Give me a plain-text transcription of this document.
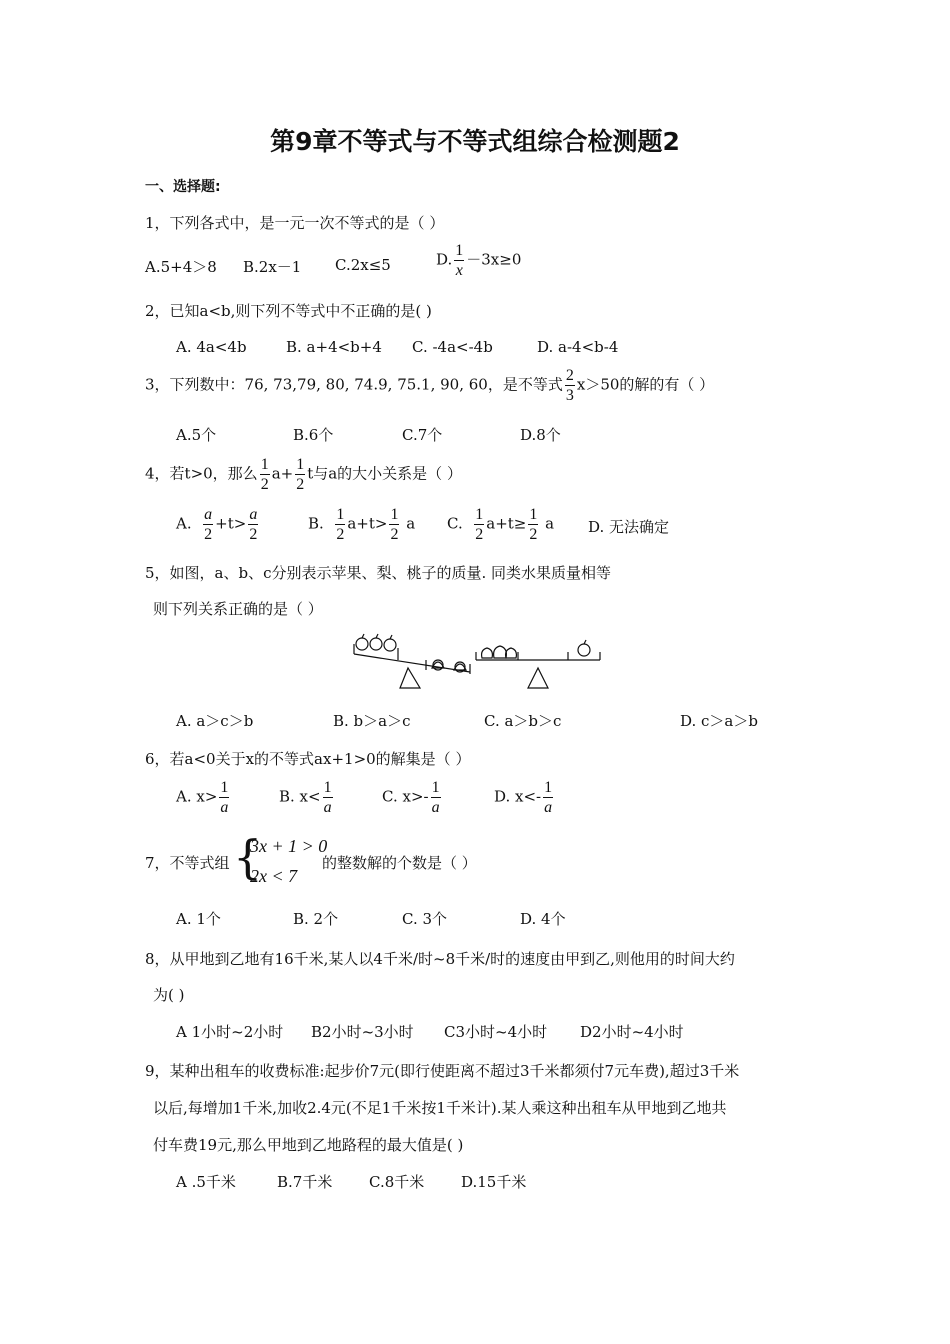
第9章不等式与不等式组综合检测题2
一、选择题:
1，下列各式中，是一元一次不等式的是（ ）
A.5+4＞8 B.2x－1 C.2x≤5	D. $\frac{1}{x} -3x\ge 0$
2，已知a<b,则下列不等式中不正确的是( )
A. 4a<4b	B. a+4<b+4 C. -4a<-4b	D. a-4<b-4
3，下列数中：76, 73,79, 80, 74.9, 75.1, 90, 60，是不等式 $\frac{2}{3} x>50$的解的有（ ）
A.5个	B.6个	C.7个	D.8个
4，若t>0，那么 $\frac{1}{2} a+ \frac{1}{2}$ t与a的大小关系是（ ）
A. $\frac{a}{2} +t> \frac{a}{2}$	B. $\frac{1}{2} a+t> \frac{1}{2}$ a C. $\frac{1}{2} a+t\ge \frac{1}{2}$ a D. 无法确定
5，如图，a、b、c分别表示苹果、梨、桃子的质量. 同类水果质量相等
则下列关系正确的是（ ）
A. a＞c＞b	B. b＞a＞c	C. a＞b＞c	D. c＞a＞b
6，若a<0关于x的不等式ax+1>0的解集是（ ）
A. $x> \frac{1}{a}$	B. $x< \frac{1}{a}$	C. $x>- \frac{1}{a}$	D. $x<- \frac{1}{a}$
7，不等式组 {
3x + 1 > 0
2x < 7
的整数解的个数是（ ）
A. 1个	B. 2个	C. 3个	D. 4个
8，从甲地到乙地有16千米,某人以4千米/时~8千米/时的速度由甲到乙,则他用的时间大约
为( )
A 1小时~2小时 B2小时~3小时 C3小时~4小时 D2小时~4小时
9，某种出租车的收费标准:起步价7元(即行使距离不超过3千米都须付7元车费),超过3千米
以后,每增加1千米,加收2.4元(不足1千米按1千米计).某人乘这种出租车从甲地到乙地共
付车费19元,那么甲地到乙地路程的最大值是( )
A .5千米	B.7千米 C.8千米 D.15千米
